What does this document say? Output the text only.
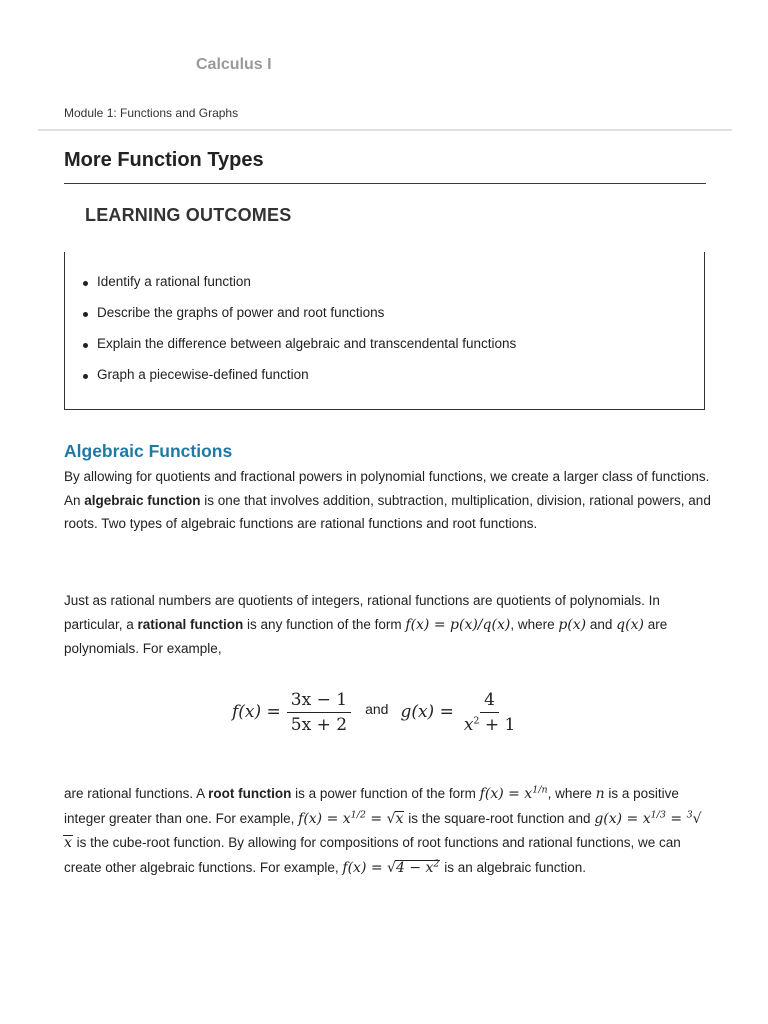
Calculus I
Module 1: Functions and Graphs
More Function Types
LEARNING OUTCOMES
Identify a rational function
Describe the graphs of power and root functions
Explain the difference between algebraic and transcendental functions
Graph a piecewise-defined function
Algebraic Functions

By allowing for quotients and fractional powers in polynomial functions, we create a larger class of functions. An algebraic function is one that involves addition, subtraction, multiplication, division, rational powers, and roots. Two types of algebraic functions are rational functions and root functions.

Just as rational numbers are quotients of integers, rational functions are quotients of polynomials. In particular, a rational function is any function of the form f(x) = p(x)/q(x), where p(x) and q(x) are polynomials. For example,

$f(x) = \frac{3x - 1}{5x + 2}$ and $g(x) = \frac{4}{x^2 + 1}$

are rational functions. A root function is a power function of the form $f(x) = x^{1/n}$, where n is a positive integer greater than one. For example, $f(x) = x^{1/2} = √x$ is the square-root function and $g(x) = x^{1/3} = ^3√x$ is the cube-root function. By allowing for compositions of root functions and rational functions, we can create other algebraic functions. For example, $f(x) = √4 - x^2$ is an algebraic function.
